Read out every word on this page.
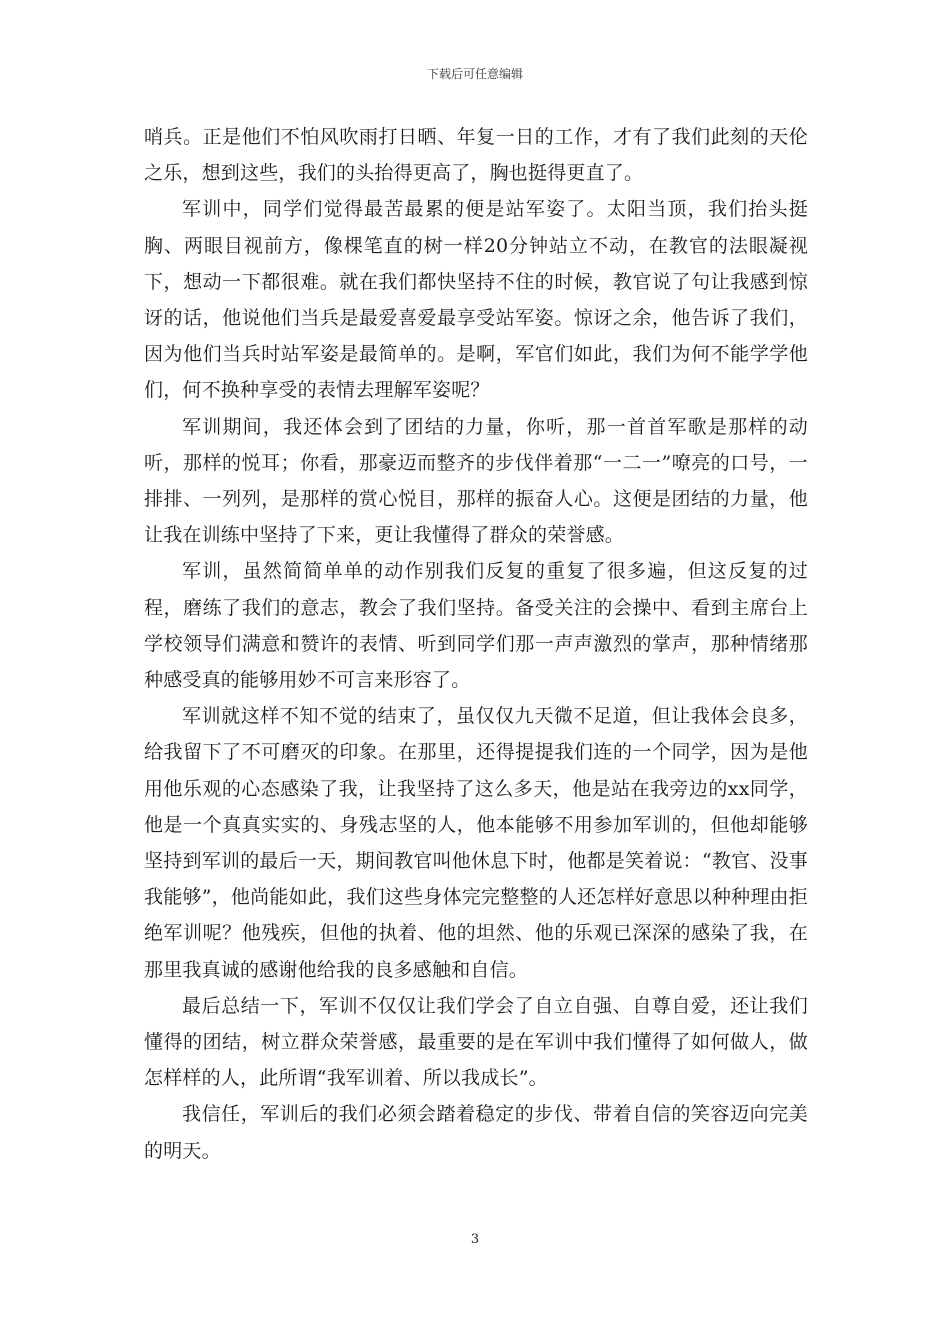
下载后可任意编辑

哨兵。正是他们不怕风吹雨打日晒、年复一日的工作，才有了我们此刻的天伦之乐，想到这些，我们的头抬得更高了，胸也挺得更直了。

军训中，同学们觉得最苦最累的便是站军姿了。太阳当顶，我们抬头挺胸、两眼目视前方，像棵笔直的树一样20分钟站立不动，在教官的法眼凝视下，想动一下都很难。就在我们都快坚持不住的时候，教官说了句让我感到惊讶的话，他说他们当兵是最爱喜爱最享受站军姿。惊讶之余，他告诉了我们，因为他们当兵时站军姿是最简单的。是啊，军官们如此，我们为何不能学学他们，何不换种享受的表情去理解军姿呢？

军训期间，我还体会到了团结的力量，你听，那一首首军歌是那样的动听，那样的悦耳；你看，那豪迈而整齐的步伐伴着那“一二一”嘹亮的口号，一排排、一列列，是那样的赏心悦目，那样的振奋人心。这便是团结的力量，他让我在训练中坚持了下来，更让我懂得了群众的荣誉感。

军训，虽然简简单单的动作别我们反复的重复了很多遍，但这反复的过程，磨练了我们的意志，教会了我们坚持。备受关注的会操中、看到主席台上学校领导们满意和赞许的表情、听到同学们那一声声激烈的掌声，那种情绪那种感受真的能够用妙不可言来形容了。

军训就这样不知不觉的结束了，虽仅仅九天微不足道，但让我体会良多，给我留下了不可磨灭的印象。在那里，还得提提我们连的一个同学，因为是他用他乐观的心态感染了我，让我坚持了这么多天，他是站在我旁边的xx同学，他是一个真真实实的、身残志坚的人，他本能够不用参加军训的，但他却能够坚持到军训的最后一天，期间教官叫他休息下时，他都是笑着说：“教官、没事我能够”，他尚能如此，我们这些身体完完整整的人还怎样好意思以种种理由拒绝军训呢？他残疾，但他的执着、他的坦然、他的乐观已深深的感染了我，在那里我真诚的感谢他给我的良多感触和自信。

最后总结一下，军训不仅仅让我们学会了自立自强、自尊自爱，还让我们懂得的团结，树立群众荣誉感，最重要的是在军训中我们懂得了如何做人，做怎样样的人，此所谓“我军训着、所以我成长”。

我信任，军训后的我们必须会踏着稳定的步伐、带着自信的笑容迈向完美的明天。

3
